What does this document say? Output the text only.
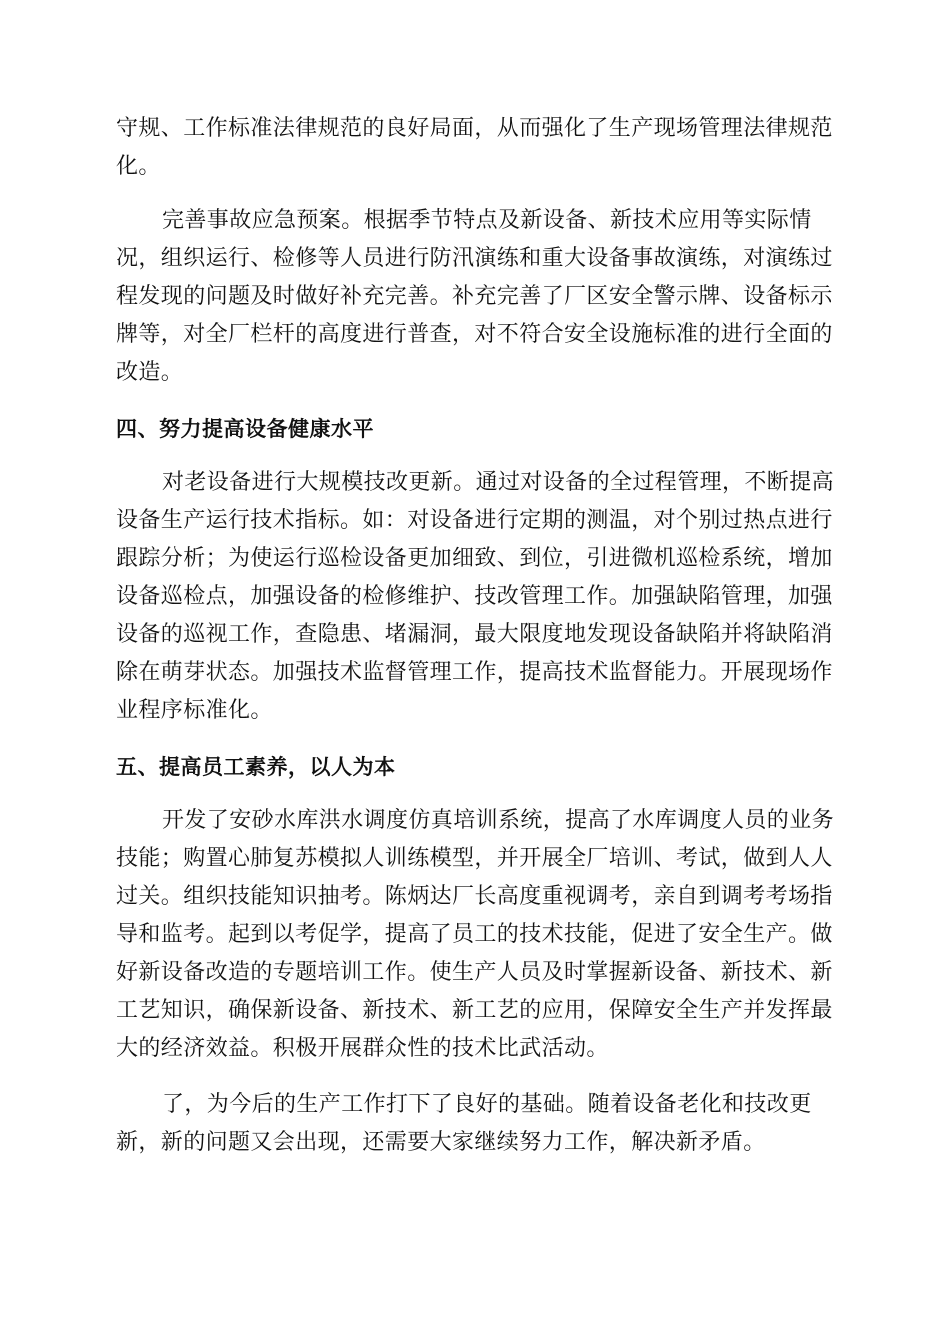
守规、工作标准法律规范的良好局面，从而强化了生产现场管理法律规范
化。
完善事故应急预案。根据季节特点及新设备、新技术应用等实际情
况，组织运行、检修等人员进行防汛演练和重大设备事故演练，对演练过
程发现的问题及时做好补充完善。补充完善了厂区安全警示牌、设备标示
牌等，对全厂栏杆的高度进行普查，对不符合安全设施标准的进行全面的
改造。
四、努力提高设备健康水平
对老设备进行大规模技改更新。通过对设备的全过程管理，不断提高
设备生产运行技术指标。如：对设备进行定期的测温，对个别过热点进行
跟踪分析；为使运行巡检设备更加细致、到位，引进微机巡检系统，增加
设备巡检点，加强设备的检修维护、技改管理工作。加强缺陷管理，加强
设备的巡视工作，查隐患、堵漏洞，最大限度地发现设备缺陷并将缺陷消
除在萌芽状态。加强技术监督管理工作，提高技术监督能力。开展现场作
业程序标准化。
五、提高员工素养，以人为本
开发了安砂水库洪水调度仿真培训系统，提高了水库调度人员的业务
技能；购置心肺复苏模拟人训练模型，并开展全厂培训、考试，做到人人
过关。组织技能知识抽考。陈炳达厂长高度重视调考，亲自到调考考场指
导和监考。起到以考促学，提高了员工的技术技能，促进了安全生产。做
好新设备改造的专题培训工作。使生产人员及时掌握新设备、新技术、新
工艺知识，确保新设备、新技术、新工艺的应用，保障安全生产并发挥最
大的经济效益。积极开展群众性的技术比武活动。
了，为今后的生产工作打下了良好的基础。随着设备老化和技改更
新，新的问题又会出现，还需要大家继续努力工作，解决新矛盾。
